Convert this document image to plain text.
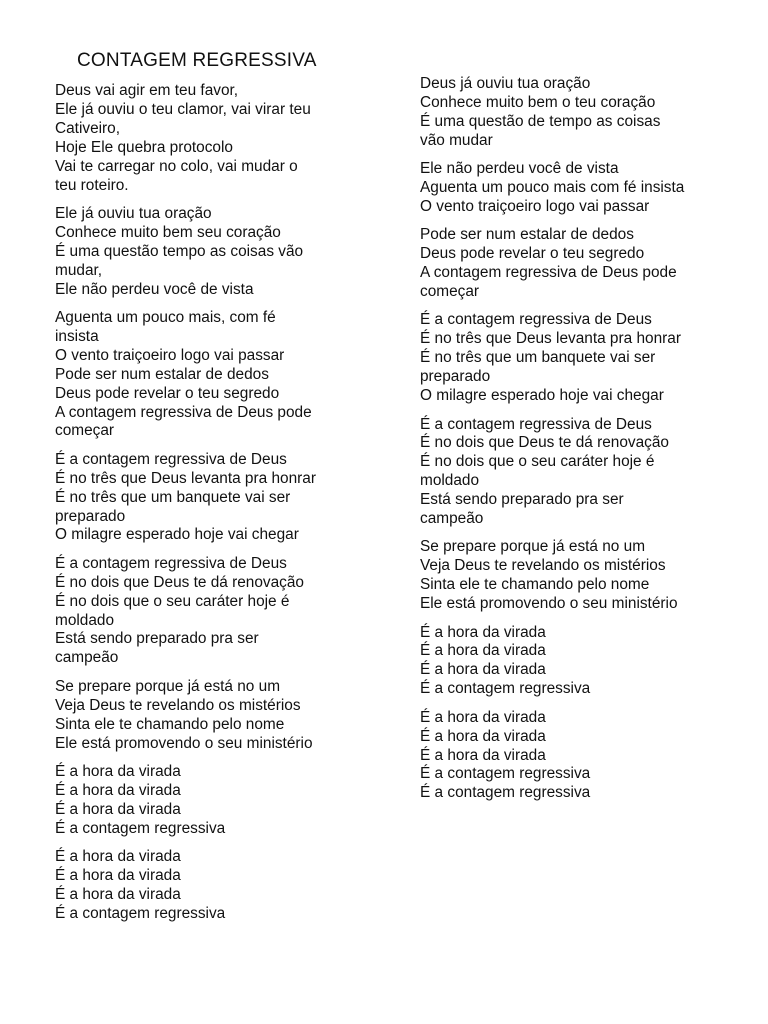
CONTAGEM REGRESSIVA
Deus vai agir em teu favor,
Ele já ouviu o teu clamor, vai virar teu
Cativeiro,
Hoje Ele quebra protocolo
Vai te carregar no colo, vai mudar o
teu roteiro.
Ele já ouviu tua oração
Conhece muito bem seu coração
É uma questão tempo as coisas vão
mudar,
Ele não perdeu você de vista
Aguenta um pouco mais, com fé
insista
O vento traiçoeiro logo vai passar
Pode ser num estalar de dedos
Deus pode revelar o teu segredo
A contagem regressiva de Deus pode
começar
É a contagem regressiva de Deus
É no três que Deus levanta pra honrar
É no três que um banquete vai ser
preparado
O milagre esperado hoje vai chegar
É a contagem regressiva de Deus
É no dois que Deus te dá renovação
É no dois que o seu caráter hoje é
moldado
Está sendo preparado pra ser
campeão
Se prepare porque já está no um
Veja Deus te revelando os mistérios
Sinta ele te chamando pelo nome
Ele está promovendo o seu ministério
É a hora da virada
É a hora da virada
É a hora da virada
É a contagem regressiva
É a hora da virada
É a hora da virada
É a hora da virada
É a contagem regressiva
Deus já ouviu tua oração
Conhece muito bem o teu coração
É uma questão de tempo as coisas
vão mudar
Ele não perdeu você de vista
Aguenta um pouco mais com fé insista
O vento traiçoeiro logo vai passar
Pode ser num estalar de dedos
Deus pode revelar o teu segredo
A contagem regressiva de Deus pode
começar
É a contagem regressiva de Deus
É no três que Deus levanta pra honrar
É no três que um banquete vai ser
preparado
O milagre esperado hoje vai chegar
É a contagem regressiva de Deus
É no dois que Deus te dá renovação
É no dois que o seu caráter hoje é
moldado
Está sendo preparado pra ser
campeão
Se prepare porque já está no um
Veja Deus te revelando os mistérios
Sinta ele te chamando pelo nome
Ele está promovendo o seu ministério
É a hora da virada
É a hora da virada
É a hora da virada
É a contagem regressiva
É a hora da virada
É a hora da virada
É a hora da virada
É a contagem regressiva
É a contagem regressiva
